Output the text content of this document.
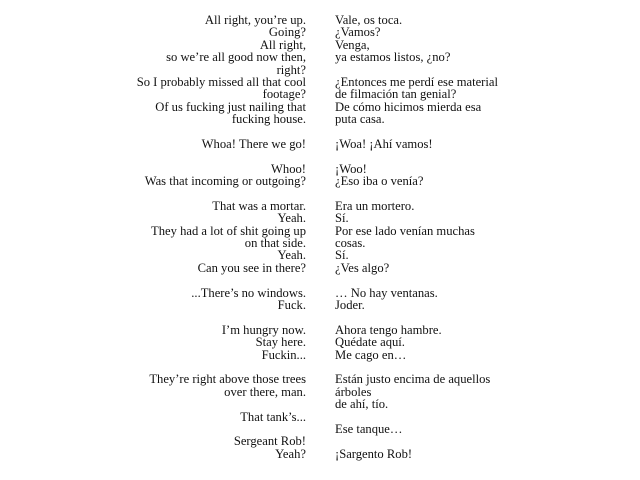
All right, you’re up.
Going?
All right,
so we’re all good now then,
right?
So I probably missed all that cool
footage?
Of us fucking just nailing that
fucking house.
Whoa! There we go!
Whoo!
Was that incoming or outgoing?
That was a mortar.
Yeah.
They had a lot of shit going up
on that side.
Yeah.
Can you see in there?
...There’s no windows.
Fuck.
I’m hungry now.
Stay here.
Fuckin...
They’re right above those trees
over there, man.
That tank’s...
Sergeant Rob!
Yeah?
Vale, os toca.
¿Vamos?
Venga,
ya estamos listos, ¿no?
¿Entonces me perdí ese material
de filmación tan genial?
De cómo hicimos mierda esa
puta casa.
¡Woa! ¡Ahí vamos!
¡Woo!
¿Eso iba o venía?
Era un mortero.
Sí.
Por ese lado venían muchas
cosas.
Sí.
¿Ves algo?
… No hay ventanas.
Joder.
Ahora tengo hambre.
Quédate aquí.
Me cago en…
Están justo encima de aquellos
árboles
de ahí, tío.
Ese tanque…
¡Sargento Rob!
